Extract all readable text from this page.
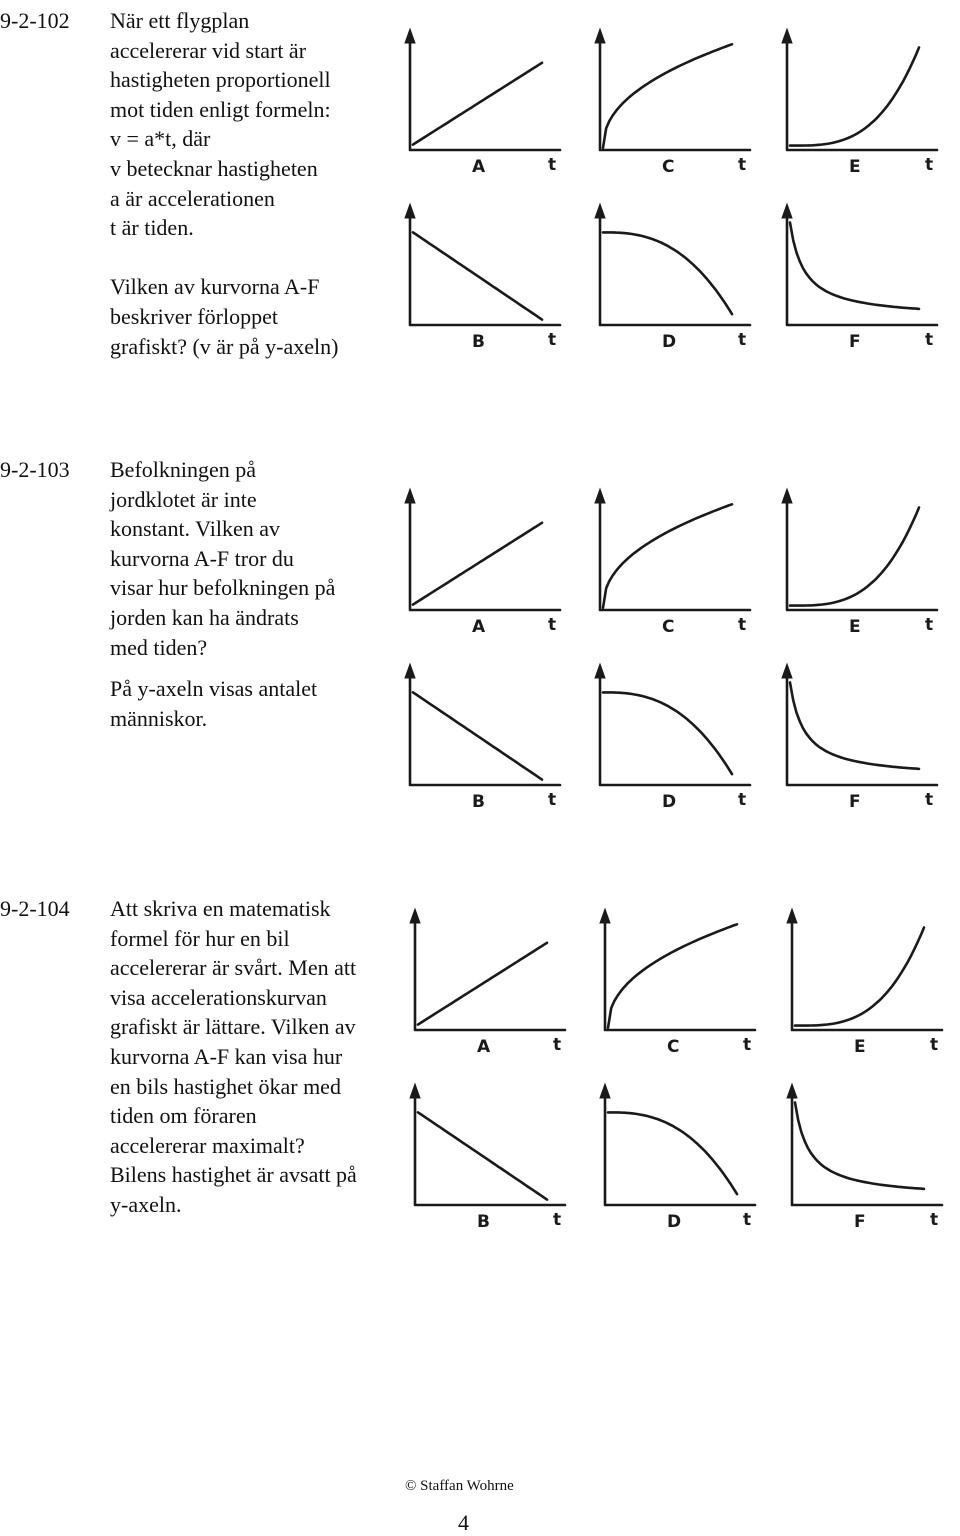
9-2-102 När ett flygplan
accelererar vid start är
hastigheten proportionell
mot tiden enligt formeln:
v = a*t, där
v betecknar hastigheten
a är accelerationen
t är tiden.
Vilken av kurvorna A-F
beskriver förloppet
grafiskt? (v är på y-axeln)
A	t	C	t	E	t
B	t	D	t	F	t
9-2-103 Befolkningen på
jordklotet är inte
konstant. Vilken av
kurvorna A-F tror du
visar hur befolkningen på
jorden kan ha ändrats
med tiden?
På y-axeln visas antalet
människor.
A	t	C	t	E	t
B	t	D	t	F	t
9-2-104 Att skriva en matematisk
formel för hur en bil
accelererar är svårt. Men att
visa accelerationskurvan
grafiskt är lättare. Vilken av
kurvorna A-F kan visa hur
en bils hastighet ökar med
tiden om föraren
accelererar maximalt?
Bilens hastighet är avsatt på
y-axeln.
A	t	C	t	E	t
B	t	D	t	F	t
© Staffan Wohrne
4
